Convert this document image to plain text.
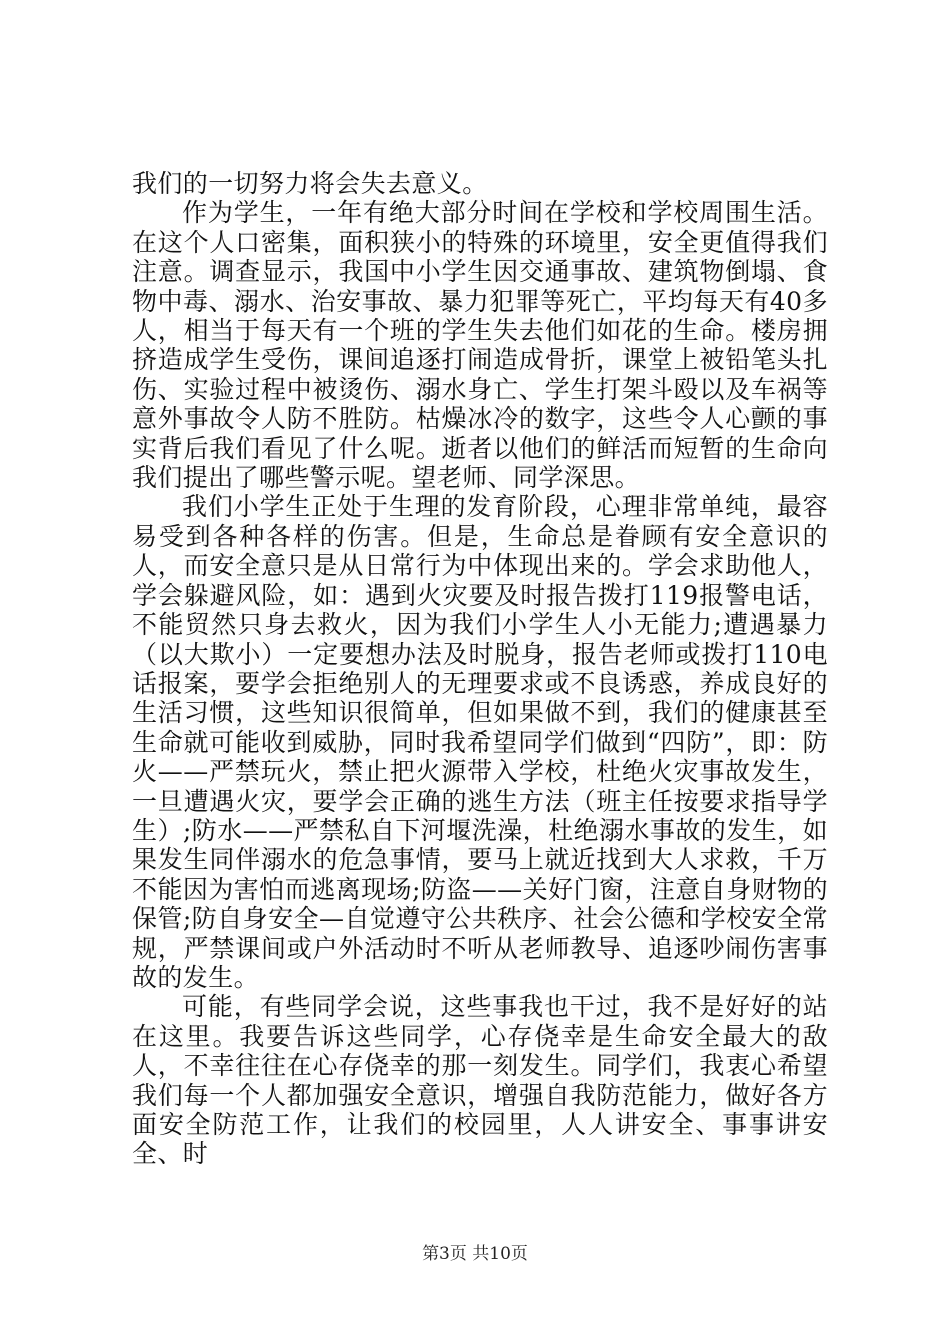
我们的一切努力将会失去意义。

作为学生，一年有绝大部分时间在学校和学校周围生活。在这个人口密集，面积狭小的特殊的环境里，安全更值得我们注意。调查显示，我国中小学生因交通事故、建筑物倒塌、食物中毒、溺水、治安事故、暴力犯罪等死亡，平均每天有40多人，相当于每天有一个班的学生失去他们如花的生命。楼房拥挤造成学生受伤，课间追逐打闹造成骨折，课堂上被铅笔头扎伤、实验过程中被烫伤、溺水身亡、学生打架斗殴以及车祸等意外事故令人防不胜防。枯燥冰冷的数字，这些令人心颤的事实背后我们看见了什么呢。逝者以他们的鲜活而短暂的生命向我们提出了哪些警示呢。望老师、同学深思。

我们小学生正处于生理的发育阶段，心理非常单纯，最容易受到各种各样的伤害。但是，生命总是眷顾有安全意识的人，而安全意只是从日常行为中体现出来的。学会求助他人，学会躲避风险，如：遇到火灾要及时报告拨打119报警电话，不能贸然只身去救火，因为我们小学生人小无能力;遭遇暴力（以大欺小）一定要想办法及时脱身，报告老师或拨打110电话报案，要学会拒绝别人的无理要求或不良诱惑，养成良好的生活习惯，这些知识很简单，但如果做不到，我们的健康甚至生命就可能收到威胁，同时我希望同学们做到“四防”，即：防火——严禁玩火，禁止把火源带入学校，杜绝火灾事故发生，一旦遭遇火灾，要学会正确的逃生方法（班主任按要求指导学生）;防水——严禁私自下河堰洗澡，杜绝溺水事故的发生，如果发生同伴溺水的危急事情，要马上就近找到大人求救，千万不能因为害怕而逃离现场;防盗——关好门窗，注意自身财物的保管;防自身安全—自觉遵守公共秩序、社会公德和学校安全常规，严禁课间或户外活动时不听从老师教导、追逐吵闹伤害事故的发生。

可能，有些同学会说，这些事我也干过，我不是好好的站在这里。我要告诉这些同学，心存侥幸是生命安全最大的敌人，不幸往往在心存侥幸的那一刻发生。同学们，我衷心希望我们每一个人都加强安全意识，增强自我防范能力，做好各方面安全防范工作，让我们的校园里，人人讲安全、事事讲安全、时

第3页 共10页
